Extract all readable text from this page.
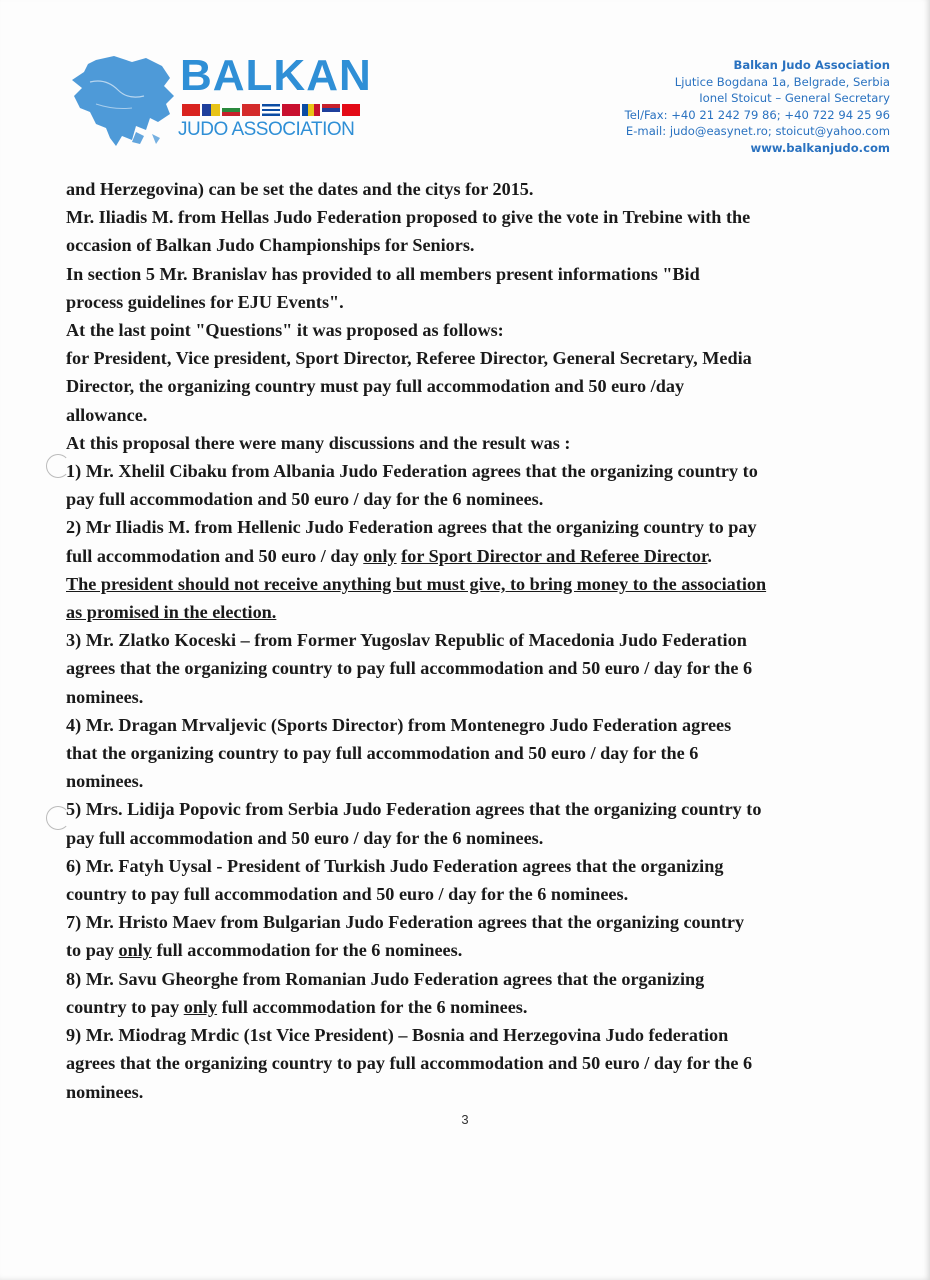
BALKAN
JUDO ASSOCIATION
Balkan Judo Association
Ljutice Bogdana 1a, Belgrade, Serbia
Ionel Stoicut – General Secretary
Tel/Fax: +40 21 242 79 86; +40 722 94 25 96
E-mail: judo@easynet.ro; stoicut@yahoo.com
www.balkanjudo.com

and Herzegovina) can be set the dates and the citys for 2015.

Mr. Iliadis M. from Hellas Judo Federation proposed to give the vote in Trebine with the

occasion of Balkan Judo Championships for Seniors.

In section 5 Mr. Branislav has provided to all members present informations "Bid

process guidelines for EJU Events".

At the last point "Questions" it was proposed as follows:

for President, Vice president, Sport Director, Referee Director, General Secretary, Media

Director, the organizing country must pay full accommodation and 50 euro /day

allowance.

At this proposal there were many discussions and the result was :

1) Mr. Xhelil Cibaku from Albania Judo Federation agrees that the organizing country to

pay full accommodation and 50 euro / day for the 6 nominees.

2) Mr Iliadis M. from Hellenic Judo Federation agrees that the organizing country to pay

full accommodation and 50 euro / day only for Sport Director and Referee Director.

The president should not receive anything but must give, to bring money to the association

as promised in the election.

3) Mr. Zlatko Koceski – from Former Yugoslav Republic of Macedonia Judo Federation

agrees that the organizing country to pay full accommodation and 50 euro / day for the 6

nominees.

4) Mr. Dragan Mrvaljevic (Sports Director) from Montenegro Judo Federation agrees

that the organizing country to pay full accommodation and 50 euro / day for the 6

nominees.

5) Mrs. Lidija Popovic from Serbia Judo Federation agrees that the organizing country to

pay full accommodation and 50 euro / day for the 6 nominees.

6) Mr. Fatyh Uysal - President of Turkish Judo Federation agrees that the organizing

country to pay full accommodation and 50 euro / day for the 6 nominees.

7) Mr. Hristo Maev from Bulgarian Judo Federation agrees that the organizing country

to pay only full accommodation for the 6 nominees.

8) Mr. Savu Gheorghe from Romanian Judo Federation agrees that the organizing

country to pay only full accommodation for the 6 nominees.

9) Mr. Miodrag Mrdic (1st Vice President) – Bosnia and Herzegovina Judo federation

agrees that the organizing country to pay full accommodation and 50 euro / day for the 6

nominees.

3
